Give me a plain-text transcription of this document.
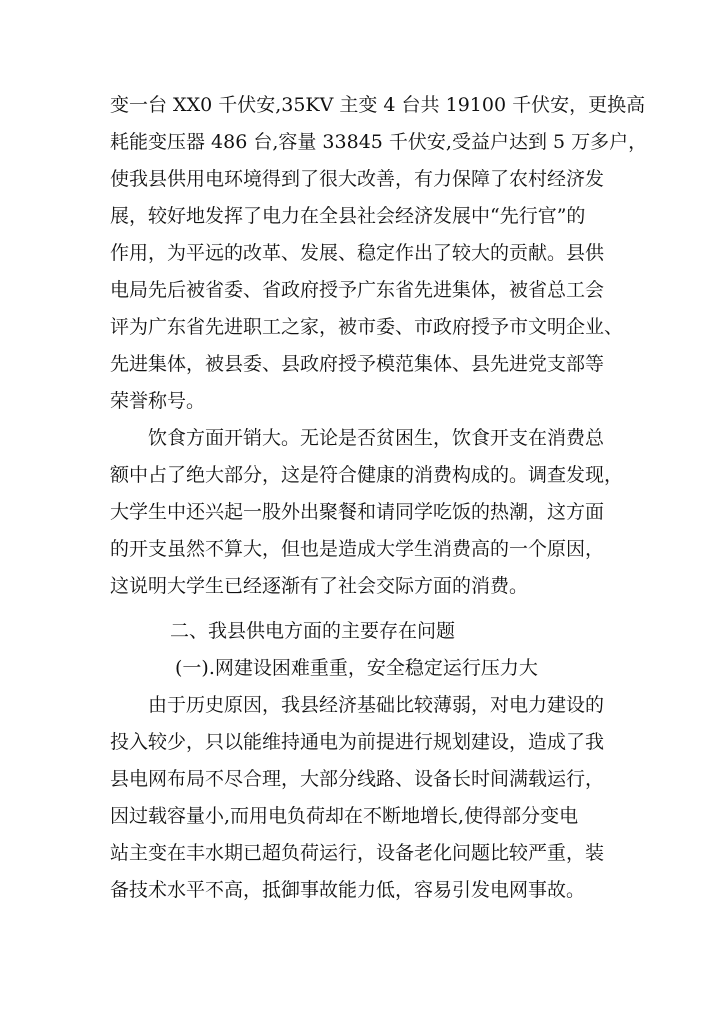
变一台 XX0 千伏安,35KV 主变 4 台共 19100 千伏安，更换高
耗能变压器 486 台,容量 33845 千伏安,受益户达到 5 万多户，
使我县供用电环境得到了很大改善，有力保障了农村经济发
展，较好地发挥了电力在全县社会经济发展中“先行官”的
作用，为平远的改革、发展、稳定作出了较大的贡献。县供
电局先后被省委、省政府授予广东省先进集体，被省总工会
评为广东省先进职工之家，被市委、市政府授予市文明企业、
先进集体，被县委、县政府授予模范集体、县先进党支部等
荣誉称号。
饮食方面开销大。无论是否贫困生，饮食开支在消费总
额中占了绝大部分，这是符合健康的消费构成的。调查发现，
大学生中还兴起一股外出聚餐和请同学吃饭的热潮，这方面
的开支虽然不算大，但也是造成大学生消费高的一个原因，
这说明大学生已经逐渐有了社会交际方面的消费。
二、我县供电方面的主要存在问题
(一).网建设困难重重，安全稳定运行压力大
由于历史原因，我县经济基础比较薄弱，对电力建设的
投入较少，只以能维持通电为前提进行规划建设，造成了我
县电网布局不尽合理，大部分线路、设备长时间满载运行，
因过载容量小,而用电负荷却在不断地增长,使得部分变电
站主变在丰水期已超负荷运行，设备老化问题比较严重，装
备技术水平不高，抵御事故能力低，容易引发电网事故。
